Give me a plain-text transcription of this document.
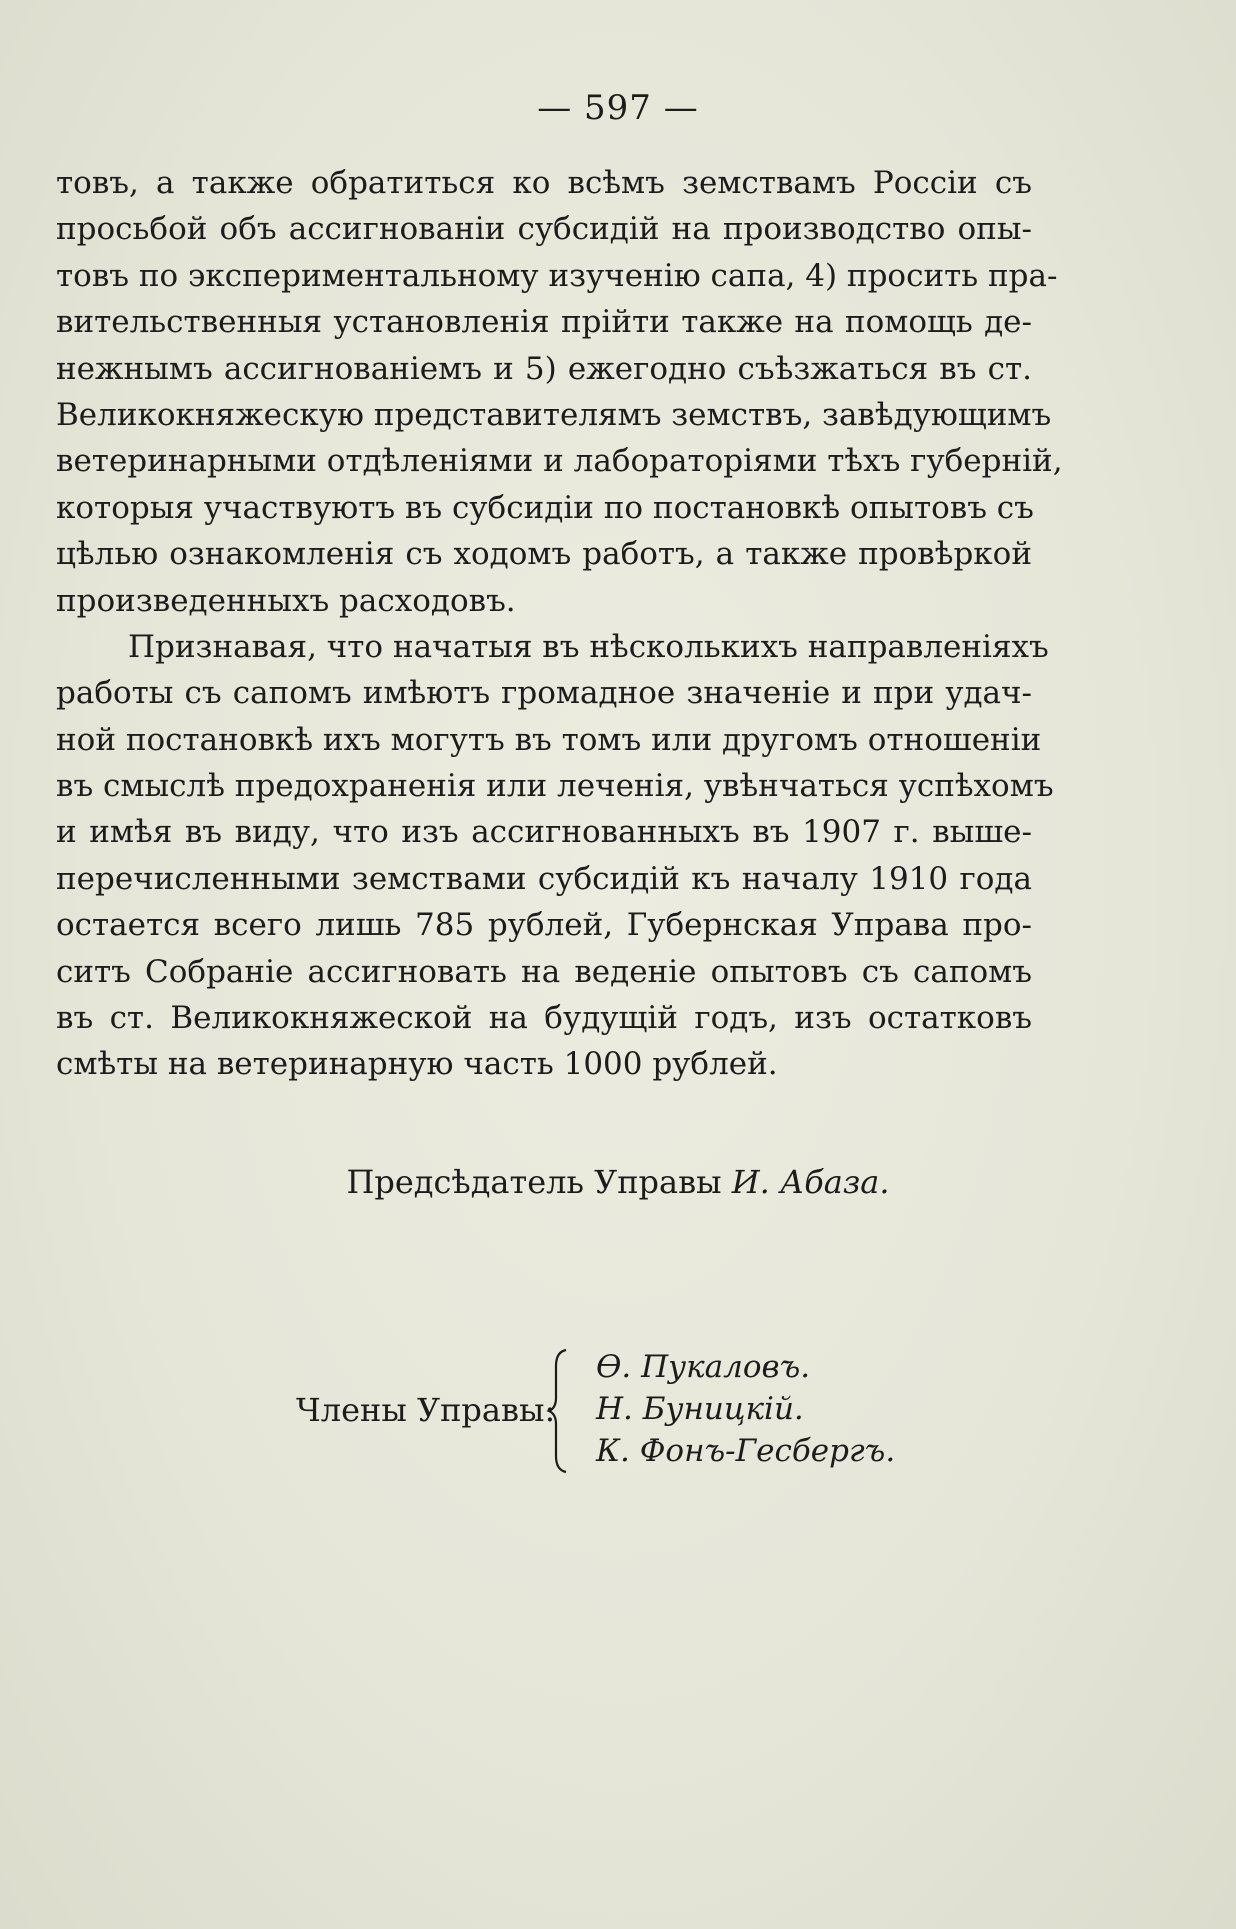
— 597 —
товъ, а также обратиться ко всѣмъ земствамъ Россiи съ
просьбой объ ассигнованiи субсидiй на производство опы-
товъ по экспериментальному изученiю сапа, 4) просить пра-
вительственныя установленiя прiйти также на помощь де-
нежнымъ ассигнованiемъ и 5) ежегодно съѣзжаться въ ст.
Великокняжескую представителямъ земствъ, завѣдующимъ
ветеринарными отдѣленiями и лабораторiями тѣхъ губернiй,
которыя участвуютъ въ субсидiи по постановкѣ опытовъ съ
цѣлью ознакомленiя съ ходомъ работъ, а также провѣркой
произведенныхъ расходовъ.
Признавая, что начатыя въ нѣсколькихъ направленiяхъ
работы съ сапомъ имѣютъ громадное значенiе и при удач-
ной постановкѣ ихъ могутъ въ томъ или другомъ отношенiи
въ смыслѣ предохраненiя или леченiя, увѣнчаться успѣхомъ
и имѣя въ виду, что изъ ассигнованныхъ въ 1907 г. выше-
перечисленными земствами субсидiй къ началу 1910 года
остается всего лишь 785 рублей, Губернская Управа про-
ситъ Собранiе ассигновать на веденiе опытовъ съ сапомъ
въ ст. Великокняжеской на будущiй годъ, изъ остатковъ
смѣты на ветеринарную часть 1000 рублей.
Предсѣдатель Управы И. Абаза.
Члены Управы:
Ѳ. Пукаловъ.
Н. Буницкiй.
К. Фонъ-Гесбергъ.
